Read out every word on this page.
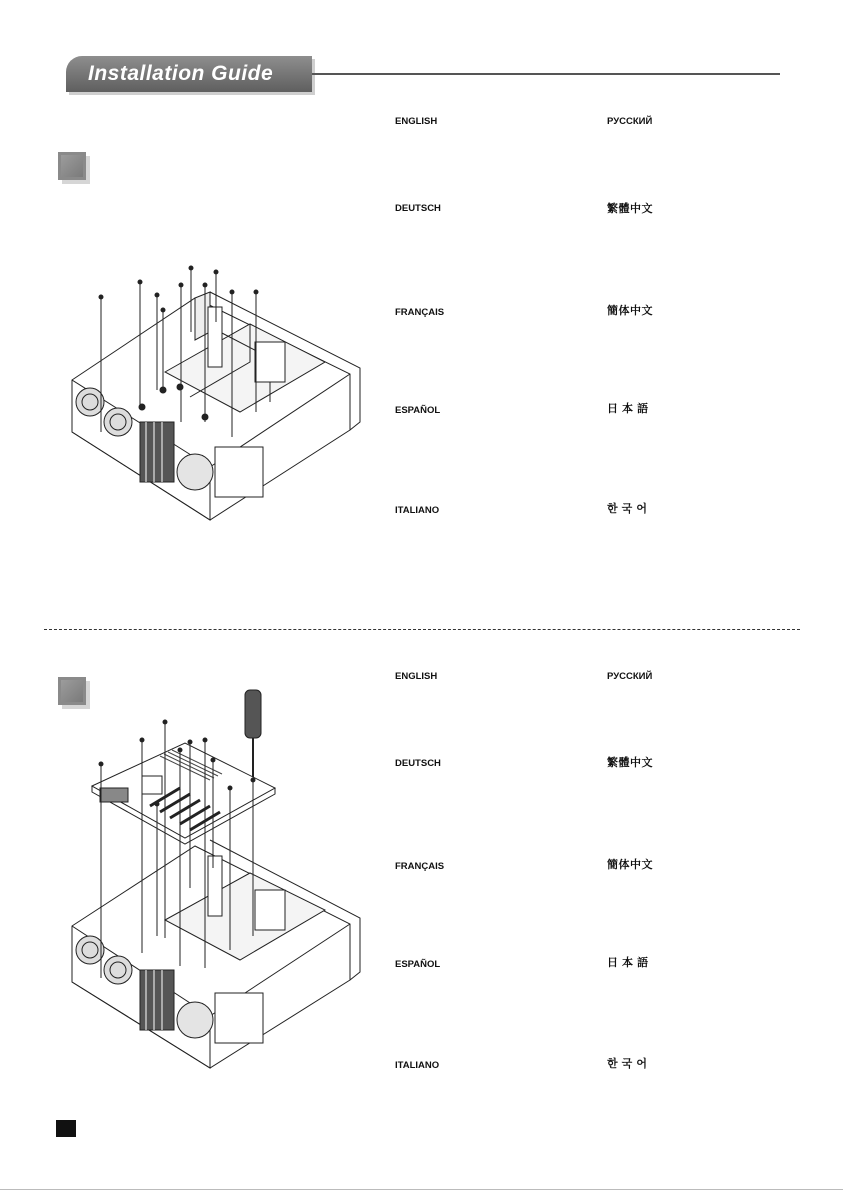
Installation Guide
ENGLISH
DEUTSCH
FRANÇAIS
ESPAÑOL
ITALIANO
РУССКИЙ
繁體中文
簡体中文
日 本 語
한 국 어
ENGLISH
DEUTSCH
FRANÇAIS
ESPAÑOL
ITALIANO
РУССКИЙ
繁體中文
簡体中文
日 本 語
한 국 어
